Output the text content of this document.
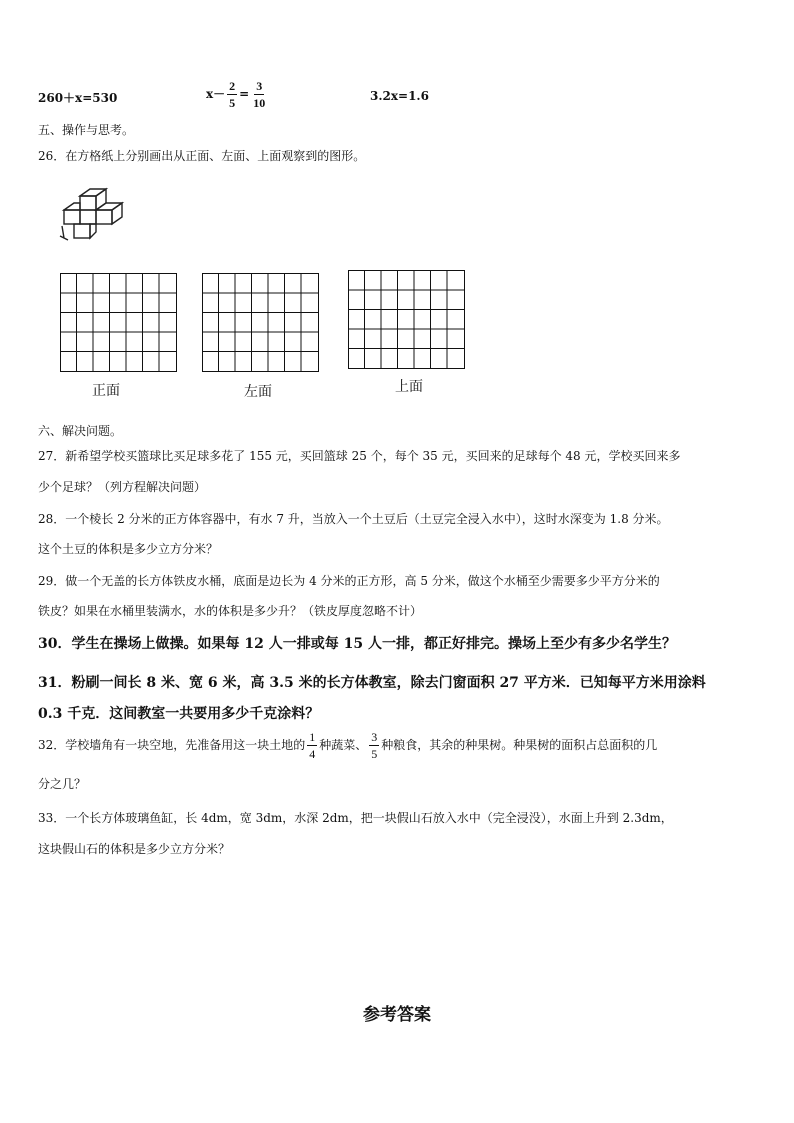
260＋x=530	$x- \frac{2}{5} = \frac{3}{10}$	3.2x=1.6
五、操作与思考。
26．在方格纸上分别画出从正面、左面、上面观察到的图形。
正面	左面	上面
六、解决问题。
27．新希望学校买篮球比买足球多花了 155 元，买回篮球 25 个，每个 35 元，买回来的足球每个 48 元，学校买回来多
少个足球？（列方程解决问题）
28．一个棱长 2 分米的正方体容器中，有水 7 升，当放入一个土豆后（土豆完全浸入水中），这时水深变为 1.8 分米。
这个土豆的体积是多少立方分米？
29．做一个无盖的长方体铁皮水桶，底面是边长为 4 分米的正方形，高 5 分米，做这个水桶至少需要多少平方分米的
铁皮？如果在水桶里装满水，水的体积是多少升？（铁皮厚度忽略不计）
30．学生在操场上做操。如果每 12 人一排或每 15 人一排，都正好排完。操场上至少有多少名学生？
31．粉刷一间长 8 米、宽 6 米，高 3.5 米的长方体教室，除去门窗面积 27 平方米．已知每平方米用涂料
0.3 千克．这间教室一共要用多少千克涂料？
32．学校墙角有一块空地，先准备用这一块土地的 $\frac{1}{4}$ 种蔬菜、 $\frac{3}{5}$ 种粮食，其余的种果树。种果树的面积占总面积的几
分之几？
33．一个长方体玻璃鱼缸，长 4dm，宽 3dm，水深 2dm，把一块假山石放入水中（完全浸没），水面上升到 2.3dm，
这块假山石的体积是多少立方分米？
参考答案
